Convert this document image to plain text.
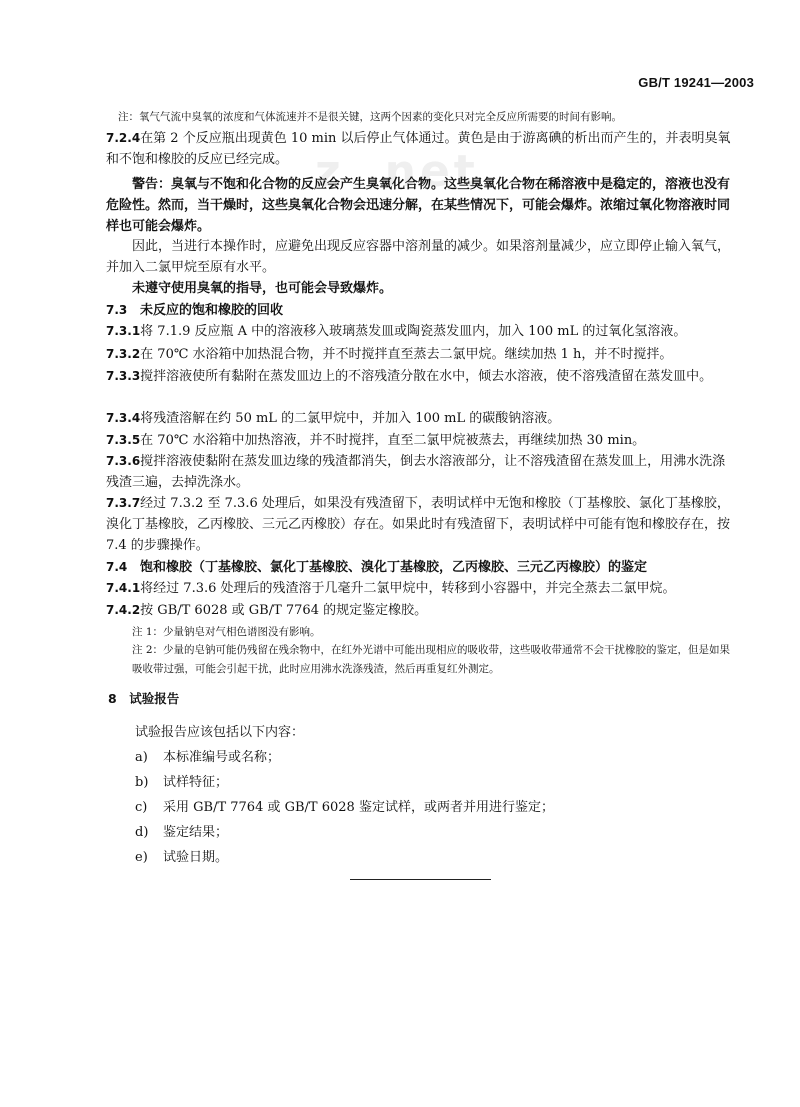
z .net
GB/T 19241—2003

注：氧气气流中臭氧的浓度和气体流速并不是很关键，这两个因素的变化只对完全反应所需要的时间有影响。

7.2.4在第 2 个反应瓶出现黄色 10 min 以后停止气体通过。黄色是由于游离碘的析出而产生的，并表明臭氧和不饱和橡胶的反应已经完成。

警告：臭氧与不饱和化合物的反应会产生臭氧化合物。这些臭氧化合物在稀溶液中是稳定的，溶液也没有危险性。然而，当干燥时，这些臭氧化合物会迅速分解，在某些情况下，可能会爆炸。浓缩过氧化物溶液时同样也可能会爆炸。

因此，当进行本操作时，应避免出现反应容器中溶剂量的减少。如果溶剂量减少，应立即停止输入氧气，并加入二氯甲烷至原有水平。

未遵守使用臭氧的指导，也可能会导致爆炸。

7.3 未反应的饱和橡胶的回收

7.3.1将 7.1.9 反应瓶 A 中的溶液移入玻璃蒸发皿或陶瓷蒸发皿内，加入 100 mL 的过氧化氢溶液。

7.3.2在 70℃ 水浴箱中加热混合物，并不时搅拌直至蒸去二氯甲烷。继续加热 1 h，并不时搅拌。

7.3.3搅拌溶液使所有黏附在蒸发皿边上的不溶残渣分散在水中，倾去水溶液，使不溶残渣留在蒸发皿中。

7.3.4将残渣溶解在约 50 mL 的二氯甲烷中，并加入 100 mL 的碳酸钠溶液。

7.3.5在 70℃ 水浴箱中加热溶液，并不时搅拌，直至二氯甲烷被蒸去，再继续加热 30 min。

7.3.6搅拌溶液使黏附在蒸发皿边缘的残渣都消失，倒去水溶液部分，让不溶残渣留在蒸发皿上，用沸水洗涤残渣三遍，去掉洗涤水。

7.3.7经过 7.3.2 至 7.3.6 处理后，如果没有残渣留下，表明试样中无饱和橡胶（丁基橡胶、氯化丁基橡胶，溴化丁基橡胶，乙丙橡胶、三元乙丙橡胶）存在。如果此时有残渣留下，表明试样中可能有饱和橡胶存在，按 7.4 的步骤操作。

7.4 饱和橡胶（丁基橡胶、氯化丁基橡胶、溴化丁基橡胶，乙丙橡胶、三元乙丙橡胶）的鉴定

7.4.1将经过 7.3.6 处理后的残渣溶于几毫升二氯甲烷中，转移到小容器中，并完全蒸去二氯甲烷。

7.4.2按 GB/T 6028 或 GB/T 7764 的规定鉴定橡胶。

注 1：少量钠皂对气相色谱图没有影响。

注 2：少量的皂钠可能仍残留在残余物中，在红外光谱中可能出现相应的吸收带，这些吸收带通常不会干扰橡胶的鉴定，但是如果吸收带过强，可能会引起干扰，此时应用沸水洗涤残渣，然后再重复红外测定。

8　试验报告
试验报告应该包括以下内容：
a) 本标准编号或名称；
b) 试样特征；
c) 采用 GB/T 7764 或 GB/T 6028 鉴定试样，或两者并用进行鉴定；
d) 鉴定结果；
e) 试验日期。
